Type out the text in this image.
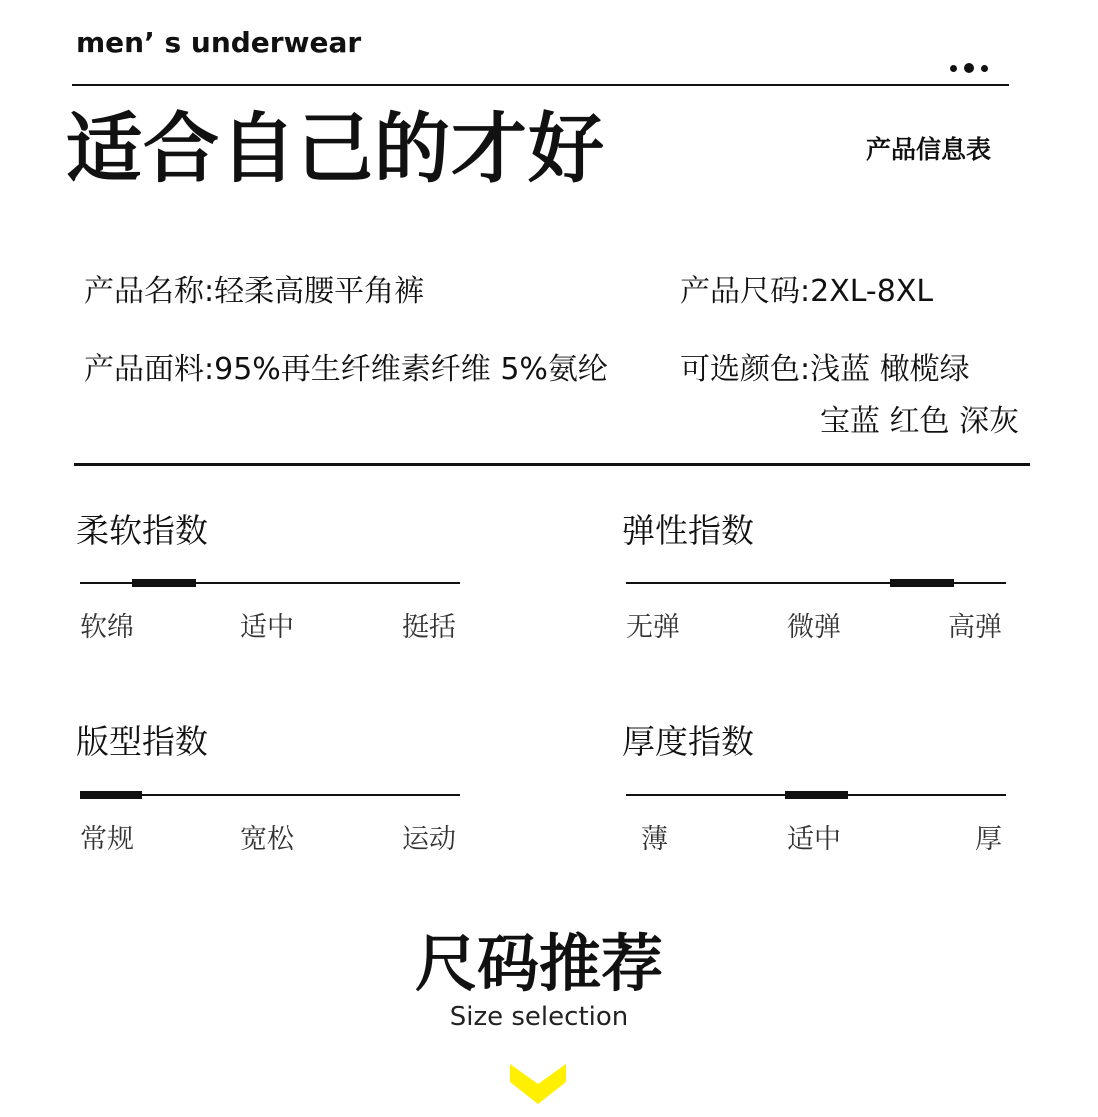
men’ s underwear
适合自己的才好	产品信息表
产品名称:轻柔高腰平角裤	产品尺码:2XL-8XL
产品面料:95%再生纤维素纤维 5%氨纶 可选颜色:浅蓝 橄榄绿
宝蓝 红色 深灰
柔软指数
软绵	适中	挺括
弹性指数
无弹	微弹	高弹
版型指数
常规	宽松	运动
厚度指数
薄	适中	厚
尺码推荐
Size selection
